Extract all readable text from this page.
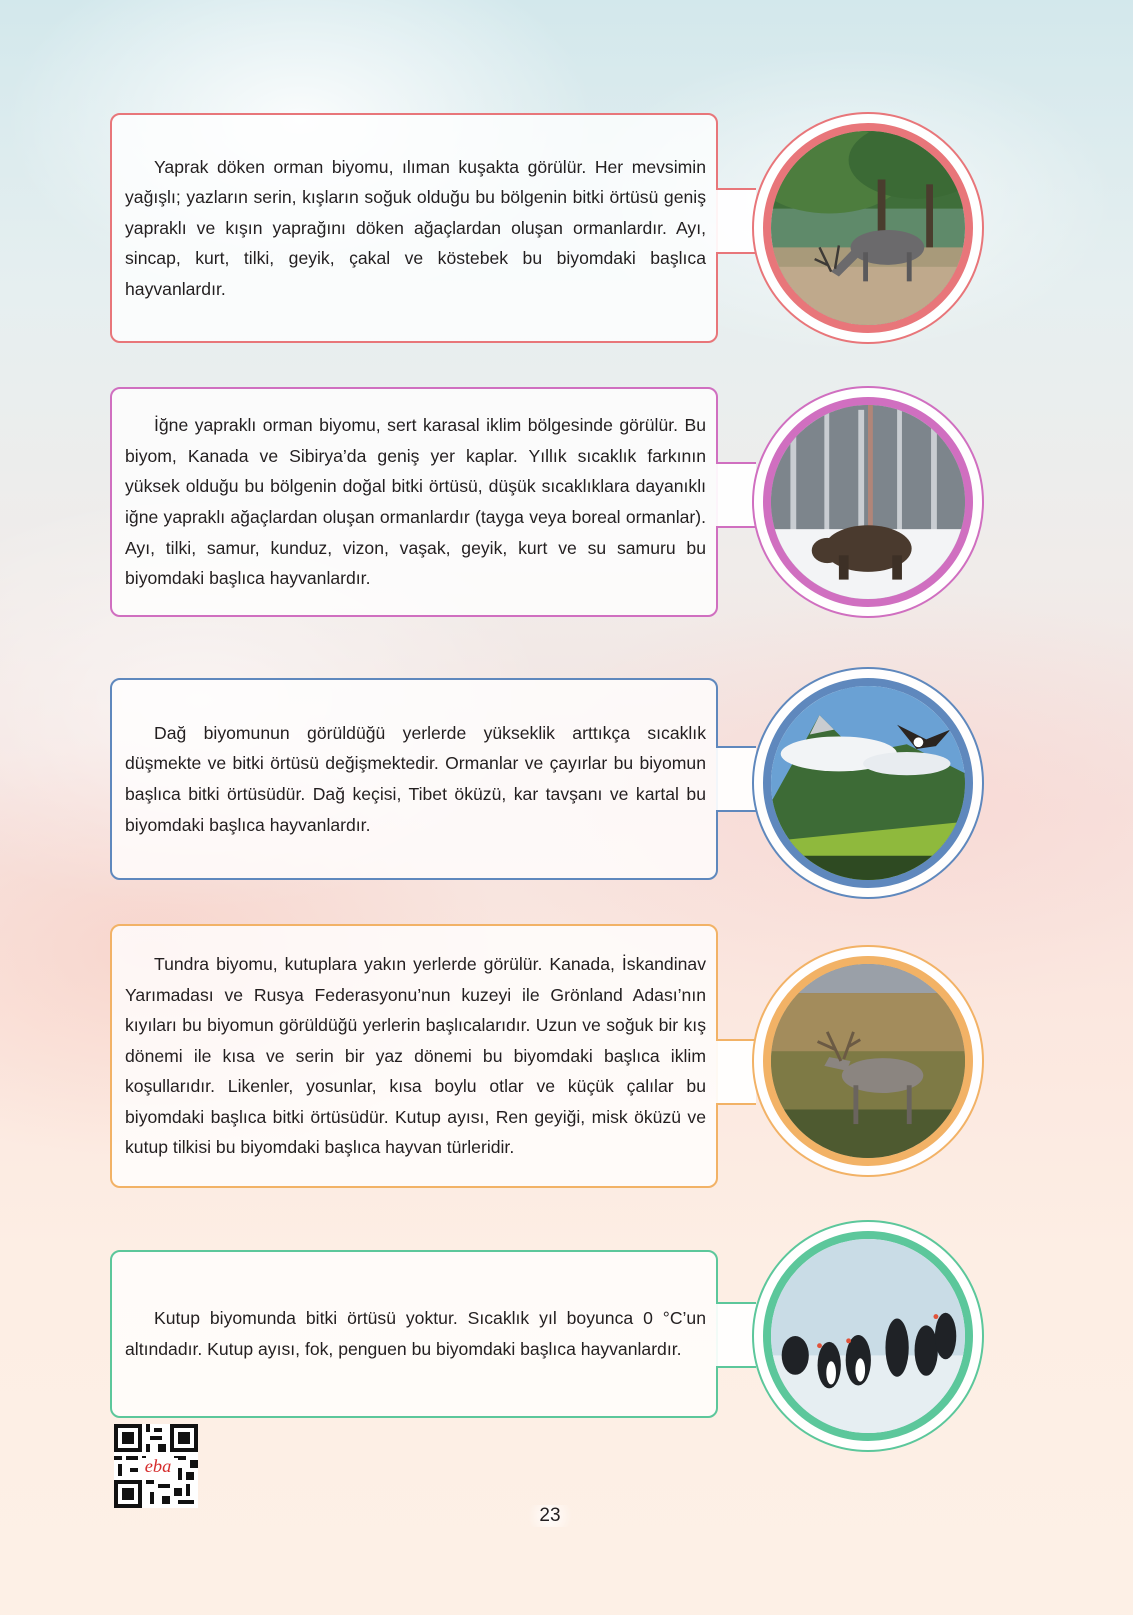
Yaprak döken orman biyomu, ılıman kuşakta görülür. Her mevsimin yağışlı; yazların serin, kışların soğuk olduğu bu bölgenin bitki örtüsü geniş yapraklı ve kışın yaprağını döken ağaçlardan oluşan ormanlardır. Ayı, sincap, kurt, tilki, geyik, çakal ve köstebek bu biyomdaki başlıca hayvanlardır.

İğne yapraklı orman biyomu, sert karasal iklim bölgesinde görülür. Bu biyom, Kanada ve Sibirya’da geniş yer kaplar. Yıllık sıcaklık farkının yüksek olduğu bu bölgenin doğal bitki örtüsü, düşük sıcaklıklara dayanıklı iğne yapraklı ağaçlardan oluşan ormanlardır (tayga veya boreal ormanlar). Ayı, tilki, samur, kunduz, vizon, vaşak, geyik, kurt ve su samuru bu biyomdaki başlıca hayvanlardır.

Dağ biyomunun görüldüğü yerlerde yükseklik arttıkça sıcaklık düşmekte ve bitki örtüsü değişmektedir. Ormanlar ve çayırlar bu biyomun başlıca bitki örtüsüdür. Dağ keçisi, Tibet öküzü, kar tavşanı ve kartal bu biyomdaki başlıca hayvanlardır.

Tundra biyomu, kutuplara yakın yerlerde görülür. Kanada, İskandinav Yarımadası ve Rusya Federasyonu’nun kuzeyi ile Grönland Adası’nın kıyıları bu biyomun görüldüğü yerlerin başlıcalarıdır. Uzun ve soğuk bir kış dönemi ile kısa ve serin bir yaz dönemi bu biyomdaki başlıca iklim koşullarıdır. Likenler, yosunlar, kısa boylu otlar ve küçük çalılar bu biyomdaki başlıca bitki örtüsüdür. Kutup ayısı, Ren geyiği, misk öküzü ve kutup tilkisi bu biyomdaki başlıca hayvan türleridir.

Kutup biyomunda bitki örtüsü yoktur. Sıcaklık yıl boyunca 0 °C’un altındadır. Kutup ayısı, fok, penguen bu biyomdaki başlıca hayvanlardır.

eba
23
